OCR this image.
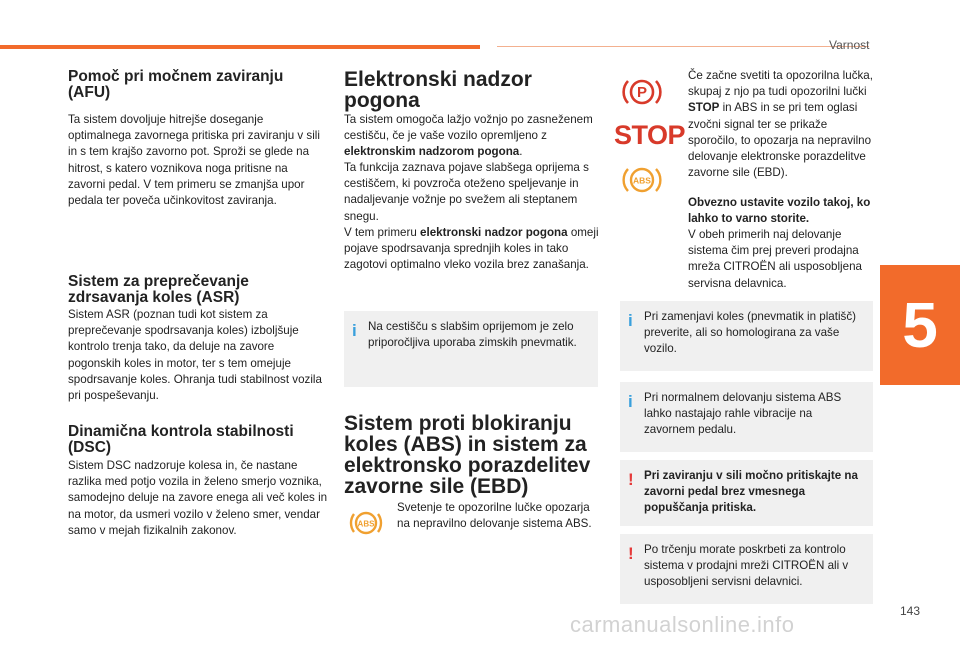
Varnost
5
Pomoč pri močnem zaviranju (AFU)

Ta sistem dovoljuje hitrejše doseganje optimalnega zavornega pritiska pri zaviranju v sili in s tem krajšo zavorno pot. Sproži se glede na hitrost, s katero voznikova noga pritisne na zavorni pedal. V tem primeru se zmanjša upor pedala ter poveča učinkovitost zaviranja.

Sistem za preprečevanje zdrsavanja koles (ASR)

Sistem ASR (poznan tudi kot sistem za preprečevanje spodrsavanja koles) izboljšuje kontrolo trenja tako, da deluje na zavore pogonskih koles in motor, ter s tem omejuje spodrsavanje koles. Ohranja tudi stabilnost vozila pri pospeševanju.

Dinamična kontrola stabilnosti (DSC)

Sistem DSC nadzoruje kolesa in, če nastane razlika med potjo vozila in želeno smerjo voznika, samodejno deluje na zavore enega ali več koles in na motor, da usmeri vozilo v želeno smer, vendar samo v mejah fizikalnih zakonov.

Elektronski nadzor pogona

Ta sistem omogoča lažjo vožnjo po zasneženem cestišču, če je vaše vozilo opremljeno z elektronskim nadzorom pogona.

Ta funkcija zaznava pojave slabšega oprijema s cestiščem, ki povzroča oteženo speljevanje in nadaljevanje vožnje po svežem ali steptanem snegu.

V tem primeru elektronski nadzor pogona omeji pojave spodrsavanja sprednjih koles in tako zagotovi optimalno vleko vozila brez zanašanja.

i Na cestišču s slabšim oprijemom je zelo priporočljiva uporaba zimskih pnevmatik.
Sistem proti blokiranju koles (ABS) in sistem za elektronsko porazdelitev zavorne sile (EBD)
ABS

Svetenje te opozorilne lučke opozarja na nepravilno delovanje sistema ABS.

P
STOP
ABS

Če začne svetiti ta opozorilna lučka, skupaj z njo pa tudi opozorilni lučki STOP in ABS in se pri tem oglasi zvočni signal ter se prikaže sporočilo, to opozarja na nepravilno delovanje elektronske porazdelitve zavorne sile (EBD).

Obvezno ustavite vozilo takoj, ko lahko to varno storite.

V obeh primerih naj delovanje sistema čim prej preveri prodajna mreža CITROËN ali usposobljena servisna delavnica.

i Pri zamenjavi koles (pnevmatik in platišč) preverite, ali so homologirana za vaše vozilo.
i Pri normalnem delovanju sistema ABS lahko nastajajo rahle vibracije na zavornem pedalu.
! Pri zaviranju v sili močno pritiskajte na zavorni pedal brez vmesnega popuščanja pritiska.
! Po trčenju morate poskrbeti za kontrolo sistema v prodajni mreži CITROËN ali v usposobljeni servisni delavnici.
143
carmanualsonline.info
